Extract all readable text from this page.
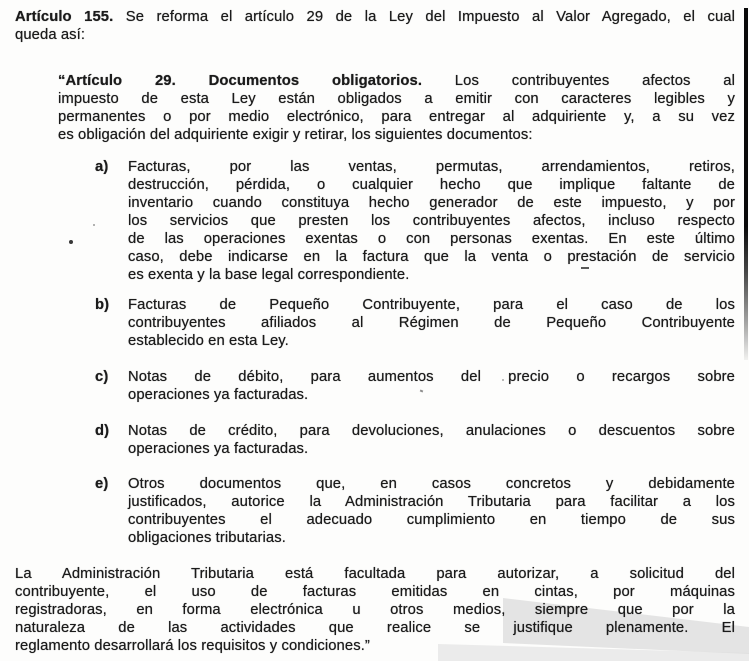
Artículo 155. Se reforma el artículo 29 de la Ley del Impuesto al Valor Agregado, el cual
queda así:
“Artículo 29. Documentos obligatorios. Los contribuyentes afectos al
impuesto de esta Ley están obligados a emitir con caracteres legibles y
permanentes o por medio electrónico, para entregar al adquiriente y, a su vez
es obligación del adquiriente exigir y retirar, los siguientes documentos:
a)	Facturas, por las ventas, permutas, arrendamientos, retiros,
destrucción, pérdida, o cualquier hecho que implique faltante de
inventario cuando constituya hecho generador de este impuesto, y por
los servicios que presten los contribuyentes afectos, incluso respecto
de las operaciones exentas o con personas exentas. En este último
caso, debe indicarse en la factura que la venta o prestación de servicio
es exenta y la base legal correspondiente.
b)	Facturas de Pequeño Contribuyente, para el caso de los
contribuyentes afiliados al Régimen de Pequeño Contribuyente
establecido en esta Ley.
c)	Notas de débito, para aumentos del precio o recargos sobre
operaciones ya facturadas.
d)	Notas de crédito, para devoluciones, anulaciones o descuentos sobre
operaciones ya facturadas.
e)	Otros documentos que, en casos concretos y debidamente
justificados, autorice la Administración Tributaria para facilitar a los
contribuyentes el adecuado cumplimiento en tiempo de sus
obligaciones tributarias.
La Administración Tributaria está facultada para autorizar, a solicitud del
contribuyente, el uso de facturas emitidas en cintas, por máquinas
registradoras, en forma electrónica u otros medios, siempre que por la
naturaleza de las actividades que realice se justifique plenamente. El
reglamento desarrollará los requisitos y condiciones.”
